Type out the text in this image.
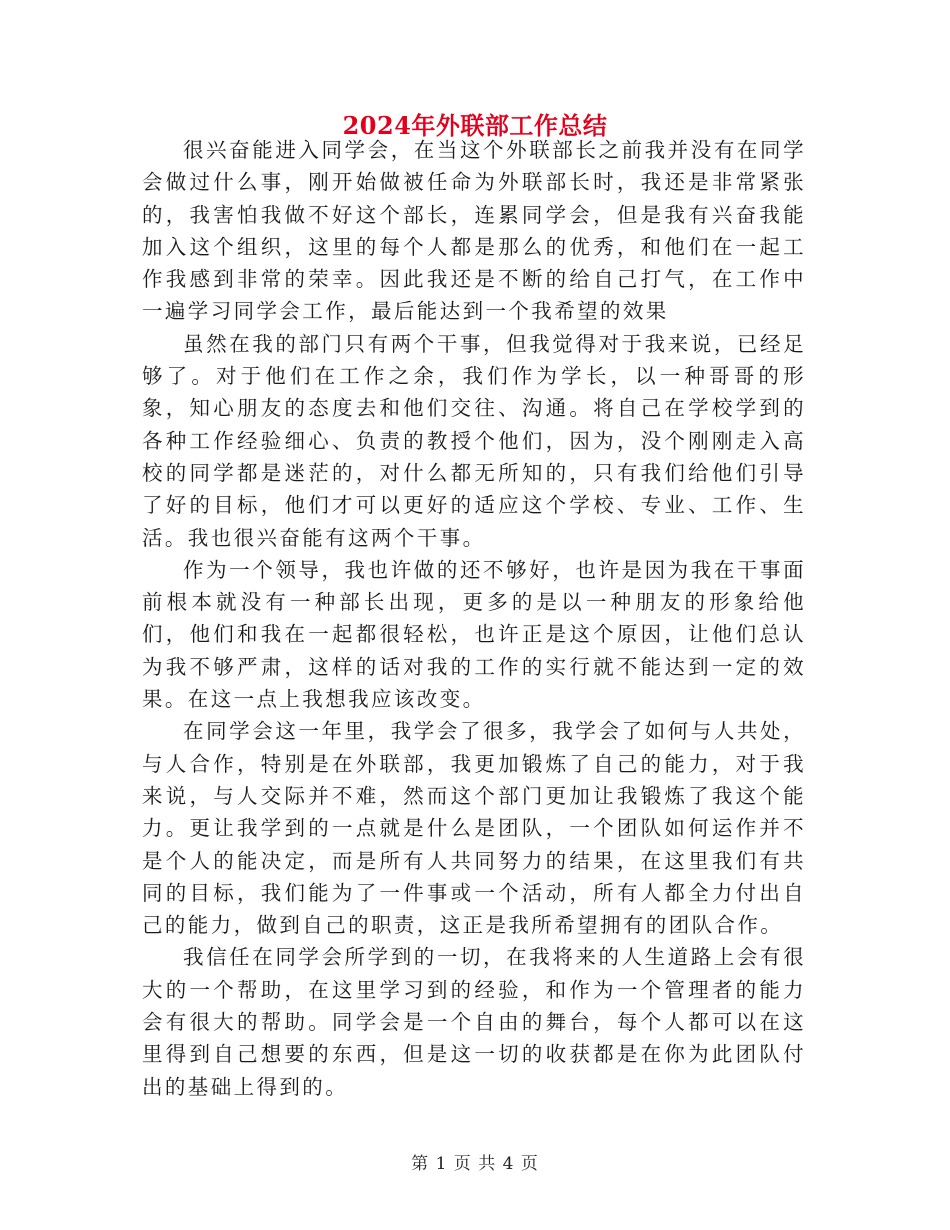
2024年外联部工作总结

很兴奋能进入同学会，在当这个外联部长之前我并没有在同学会做过什么事，刚开始做被任命为外联部长时，我还是非常紧张的，我害怕我做不好这个部长，连累同学会，但是我有兴奋我能加入这个组织，这里的每个人都是那么的优秀，和他们在一起工作我感到非常的荣幸。因此我还是不断的给自己打气，在工作中一遍学习同学会工作，最后能达到一个我希望的效果

虽然在我的部门只有两个干事，但我觉得对于我来说，已经足够了。对于他们在工作之余，我们作为学长，以一种哥哥的形象，知心朋友的态度去和他们交往、沟通。将自己在学校学到的各种工作经验细心、负责的教授个他们，因为，没个刚刚走入高校的同学都是迷茫的，对什么都无所知的，只有我们给他们引导了好的目标，他们才可以更好的适应这个学校、专业、工作、生活。我也很兴奋能有这两个干事。

作为一个领导，我也许做的还不够好，也许是因为我在干事面前根本就没有一种部长出现，更多的是以一种朋友的形象给他们，他们和我在一起都很轻松，也许正是这个原因，让他们总认为我不够严肃，这样的话对我的工作的实行就不能达到一定的效果。在这一点上我想我应该改变。

在同学会这一年里，我学会了很多，我学会了如何与人共处，与人合作，特别是在外联部，我更加锻炼了自己的能力，对于我来说，与人交际并不难，然而这个部门更加让我锻炼了我这个能力。更让我学到的一点就是什么是团队，一个团队如何运作并不是个人的能决定，而是所有人共同努力的结果，在这里我们有共同的目标，我们能为了一件事或一个活动，所有人都全力付出自己的能力，做到自己的职责，这正是我所希望拥有的团队合作。

我信任在同学会所学到的一切，在我将来的人生道路上会有很大的一个帮助，在这里学习到的经验，和作为一个管理者的能力会有很大的帮助。同学会是一个自由的舞台，每个人都可以在这里得到自己想要的东西，但是这一切的收获都是在你为此团队付出的基础上得到的。

第 1 页 共 4 页
